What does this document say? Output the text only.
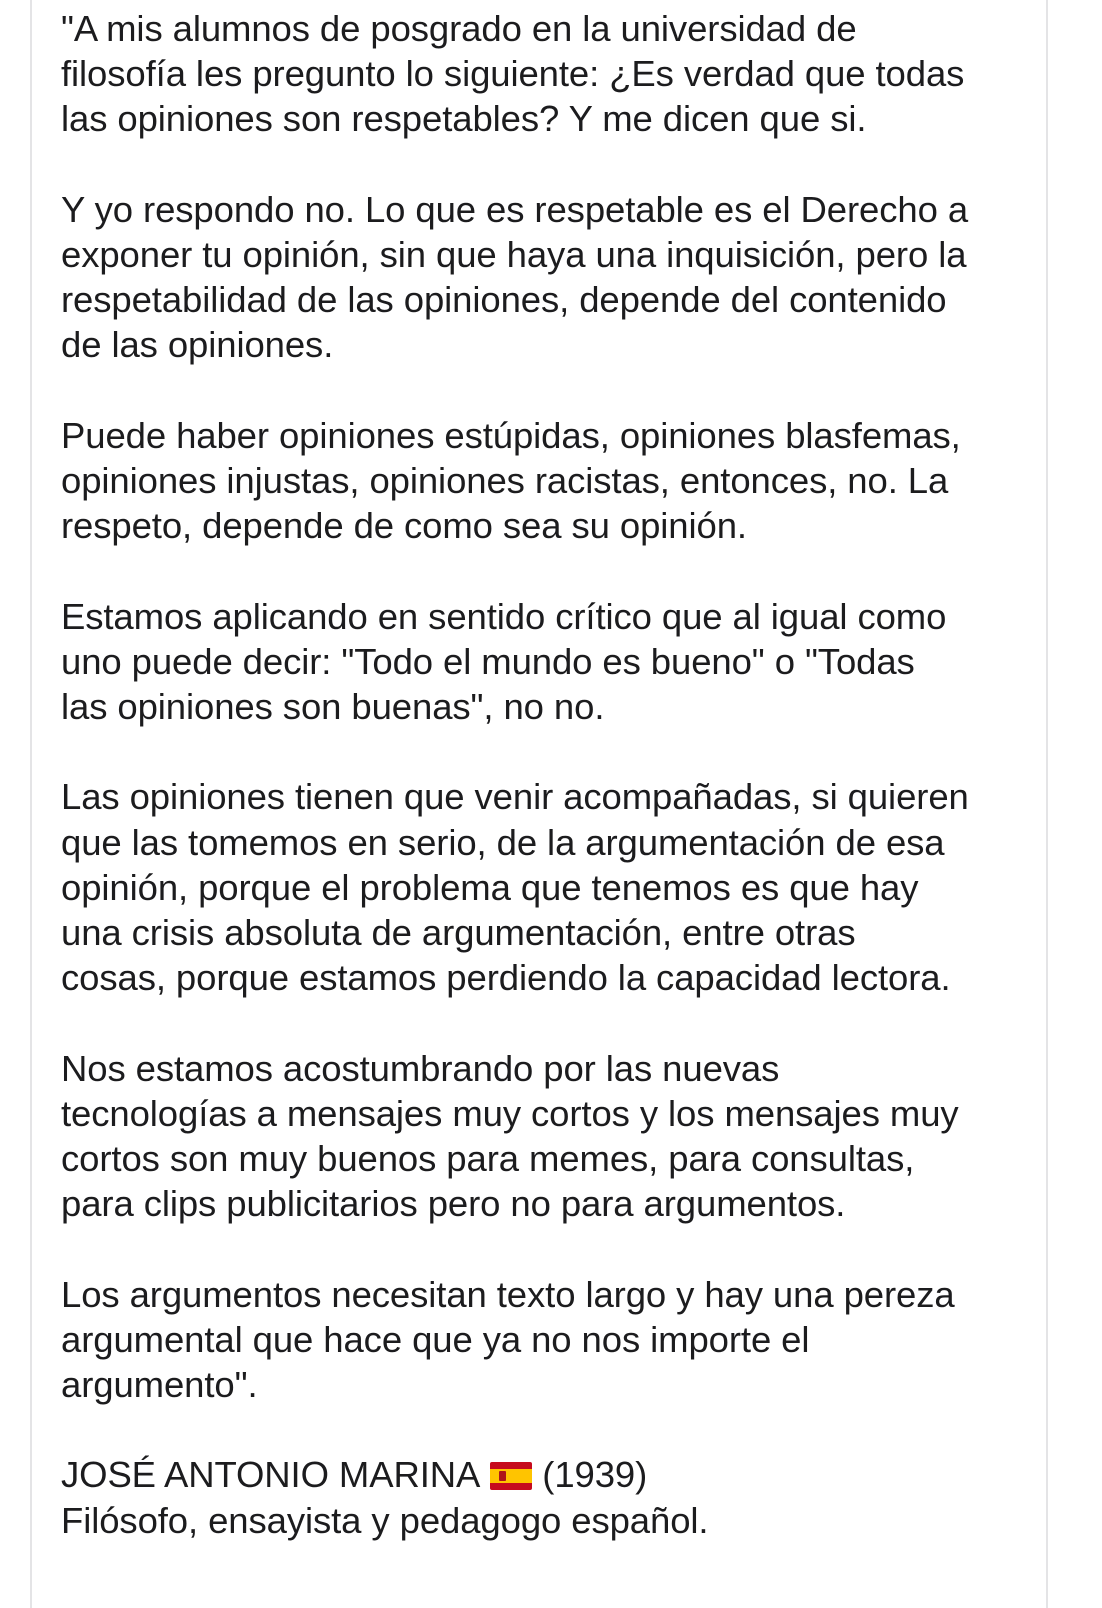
"A mis alumnos de posgrado en la universidad de
filosofía les pregunto lo siguiente: ¿Es verdad que todas
las opiniones son respetables? Y me dicen que si.

Y yo respondo no. Lo que es respetable es el Derecho a
exponer tu opinión, sin que haya una inquisición, pero la
respetabilidad de las opiniones, depende del contenido
de las opiniones.

Puede haber opiniones estúpidas, opiniones blasfemas,
opiniones injustas, opiniones racistas, entonces, no. La
respeto, depende de como sea su opinión.

Estamos aplicando en sentido crítico que al igual como
uno puede decir: "Todo el mundo es bueno" o "Todas
las opiniones son buenas", no no.

Las opiniones tienen que venir acompañadas, si quieren
que las tomemos en serio, de la argumentación de esa
opinión, porque el problema que tenemos es que hay
una crisis absoluta de argumentación, entre otras
cosas, porque estamos perdiendo la capacidad lectora.

Nos estamos acostumbrando por las nuevas
tecnologías a mensajes muy cortos y los mensajes muy
cortos son muy buenos para memes, para consultas,
para clips publicitarios pero no para argumentos.

Los argumentos necesitan texto largo y hay una pereza
argumental que hace que ya no nos importe el
argumento".

JOSÉ ANTONIO MARINA (1939)
Filósofo, ensayista y pedagogo español.
